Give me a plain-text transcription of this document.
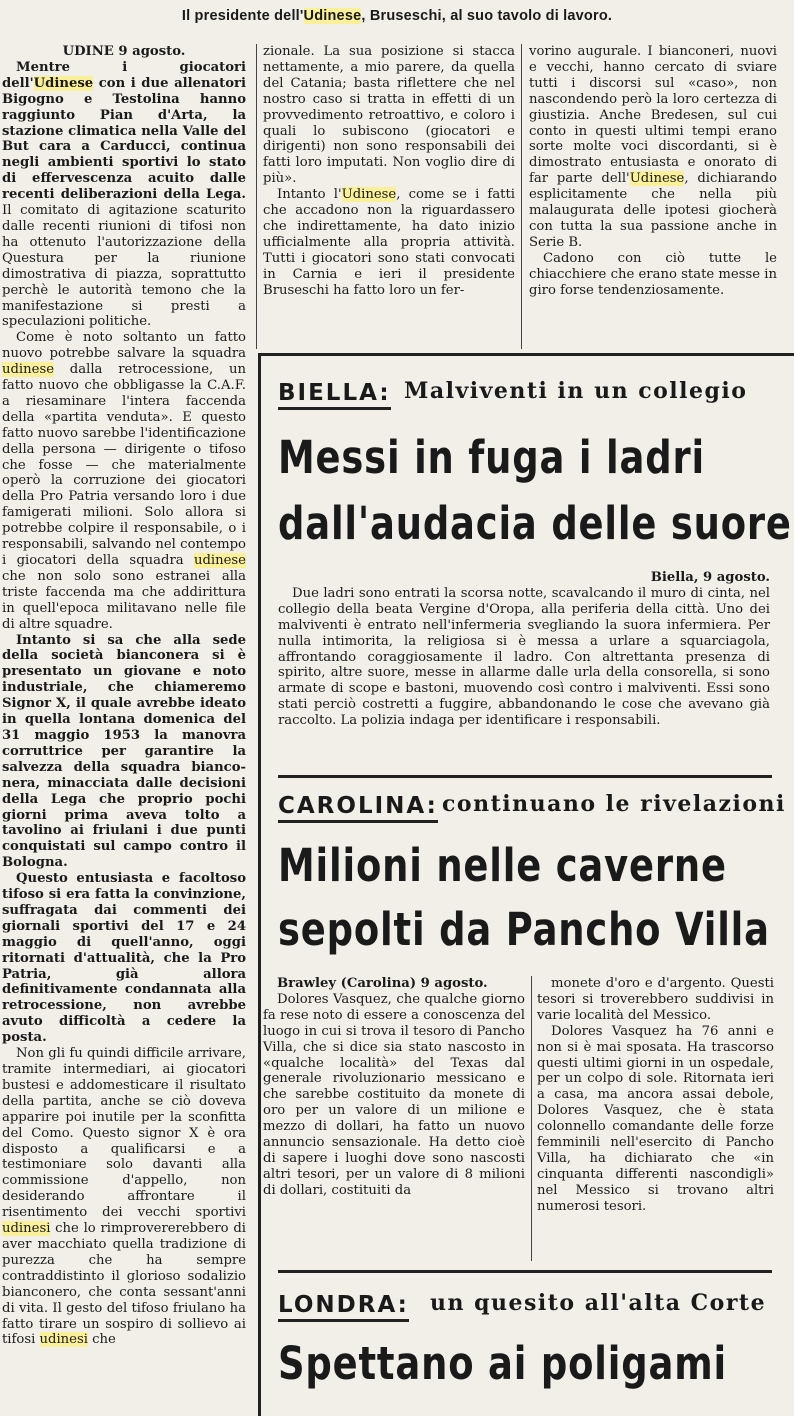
Il presidente dell'Udinese, Bruseschi, al suo tavolo di lavoro.

UDINE 9 agosto.

Mentre i giocatori dell'Udinese con i due allenatori Bigogno e Testolina hanno raggiunto Pian d'Arta, la stazione climatica nella Valle del But cara a Carducci, continua negli ambienti sportivi lo stato di effervescenza acuito dalle recenti deliberazioni della Lega. Il comitato di agitazione scaturito dalle recenti riunioni di tifosi non ha ottenuto l'autorizzazione della Questura per la riunione dimostrativa di piazza, soprattutto perchè le autorità temono che la manifestazione si presti a speculazioni politiche.

Come è noto soltanto un fatto nuovo potrebbe salvare la squadra udinese dalla retrocessione, un fatto nuovo che obbligasse la C.A.F. a riesaminare l'intera faccenda della «partita venduta». E questo fatto nuovo sarebbe l'identificazione della persona — dirigente o tifoso che fosse — che materialmente operò la corruzione dei giocatori della Pro Patria versando loro i due famigerati milioni. Solo allora si potrebbe colpire il responsabile, o i responsabili, salvando nel contempo i giocatori della squadra udinese che non solo sono estranei alla triste faccenda ma che addirittura in quell'epoca militavano nelle file di altre squadre.

Intanto si sa che alla sede della società bianconera si è presentato un giovane e noto industriale, che chiameremo Signor X, il quale avrebbe ideato in quella lontana domenica del 31 maggio 1953 la manovra corruttrice per garantire la salvezza della squadra bianco-nera, minacciata dalle decisioni della Lega che proprio pochi giorni prima aveva tolto a tavolino ai friulani i due punti conquistati sul campo contro il Bologna.

Questo entusiasta e facoltoso tifoso si era fatta la convinzione, suffragata dai commenti dei giornali sportivi del 17 e 24 maggio di quell'anno, oggi ritornati d'attualità, che la Pro Patria, già allora definitivamente condannata alla retrocessione, non avrebbe avuto difficoltà a cedere la posta.

Non gli fu quindi difficile arrivare, tramite intermediari, ai giocatori bustesi e addomesticare il risultato della partita, anche se ciò doveva apparire poi inutile per la sconfitta del Como. Questo signor X è ora disposto a qualificarsi e a testimoniare solo davanti alla commissione d'appello, non desiderando affrontare il risentimento dei vecchi sportivi udinesi che lo rimprovererebbero di aver macchiato quella tradizione di purezza che ha sempre contraddistinto il glorioso sodalizio bianconero, che conta sessant'anni di vita. Il gesto del tifoso friulano ha fatto tirare un sospiro di sollievo ai tifosi udinesi che

zionale. La sua posizione si stacca nettamente, a mio parere, da quella del Catania; basta riflettere che nel nostro caso si tratta in effetti di un provvedimento retroattivo, e coloro i quali lo subiscono (giocatori e dirigenti) non sono responsabili dei fatti loro imputati. Non voglio dire di più».

Intanto l'Udinese, come se i fatti che accadono non la riguardassero che indirettamente, ha dato inizio ufficialmente alla propria attività. Tutti i giocatori sono stati convocati in Carnia e ieri il presidente Bruseschi ha fatto loro un fer-

vorino augurale. I bianconeri, nuovi e vecchi, hanno cercato di sviare tutti i discorsi sul «caso», non nascondendo però la loro certezza di giustizia. Anche Bredesen, sul cui conto in questi ultimi tempi erano sorte molte voci discordanti, si è dimostrato entusiasta e onorato di far parte dell'Udinese, dichiarando esplicitamente che nella più malaugurata delle ipotesi giocherà con tutta la sua passione anche in Serie B.

Cadono con ciò tutte le chiacchiere che erano state messe in giro forse tendenziosamente.

BIELLA: Malviventi in un collegio
Messi in fuga i ladri
dall'audacia delle suore

Biella, 9 agosto.

Due ladri sono entrati la scorsa notte, scavalcando il muro di cinta, nel collegio della beata Vergine d'Oropa, alla periferia della città. Uno dei malviventi è entrato nell'infermeria svegliando la suora infermiera. Per nulla intimorita, la religiosa si è messa a urlare a squarciagola, affrontando coraggiosamente il ladro. Con altrettanta presenza di spirito, altre suore, messe in allarme dalle urla della consorella, si sono armate di scope e bastoni, muovendo così contro i malviventi. Essi sono stati perciò costretti a fuggire, abbandonando le cose che avevano già raccolto. La polizia indaga per identificare i responsabili.

CAROLINA: continuano le rivelazioni
Milioni nelle caverne
sepolti da Pancho Villa

Brawley (Carolina) 9 agosto.

Dolores Vasquez, che qualche giorno fa rese noto di essere a conoscenza del luogo in cui si trova il tesoro di Pancho Villa, che si dice sia stato nascosto in «qualche località» del Texas dal generale rivoluzionario messicano e che sarebbe costituito da monete di oro per un valore di un milione e mezzo di dollari, ha fatto un nuovo annuncio sensazionale. Ha detto cioè di sapere i luoghi dove sono nascosti altri tesori, per un valore di 8 milioni di dollari, costituiti da

monete d'oro e d'argento. Questi tesori si troverebbero suddivisi in varie località del Messico.

Dolores Vasquez ha 76 anni e non si è mai sposata. Ha trascorso questi ultimi giorni in un ospedale, per un colpo di sole. Ritornata ieri a casa, ma ancora assai debole, Dolores Vasquez, che è stata colonnello comandante delle forze femminili nell'esercito di Pancho Villa, ha dichiarato che «in cinquanta differenti nascondigli» nel Messico si trovano altri numerosi tesori.

LONDRA: un quesito all'alta Corte
Spettano ai poligami
